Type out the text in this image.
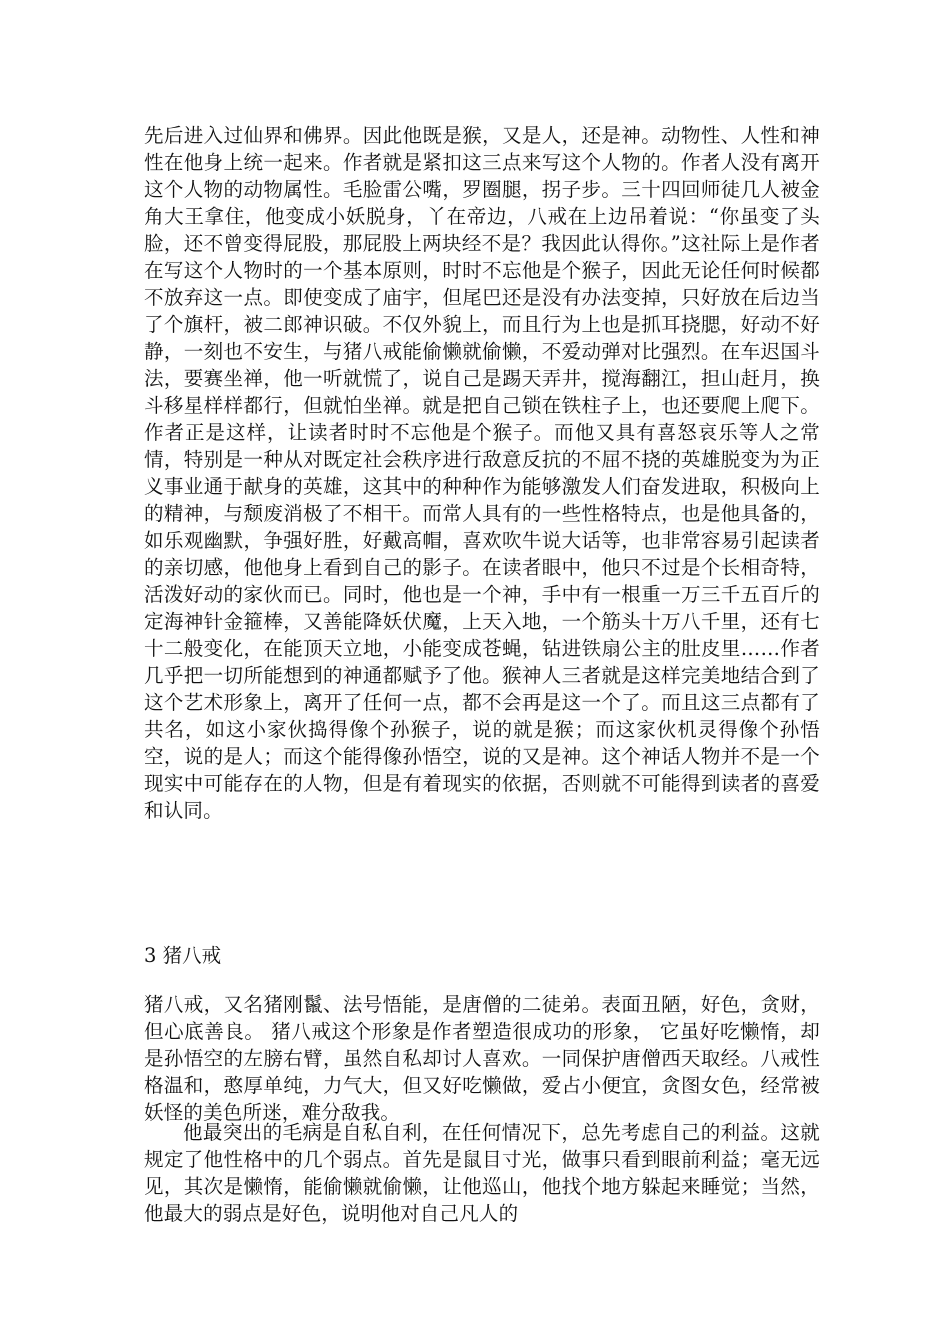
先后进入过仙界和佛界。因此他既是猴，又是人，还是神。动物性、人性和神性在他身上统一起来。作者就是紧扣这三点来写这个人物的。作者人没有离开这个人物的动物属性。毛脸雷公嘴，罗圈腿，拐子步。三十四回师徒几人被金角大王拿住，他变成小妖脱身，丫在帝边，八戒在上边吊着说：“你虽变了头脸，还不曾变得屁股，那屁股上两块经不是？我因此认得你。”这社际上是作者在写这个人物时的一个基本原则，时时不忘他是个猴子，因此无论任何时候都不放弃这一点。即使变成了庙宇，但尾巴还是没有办法变掉，只好放在后边当了个旗杆，被二郎神识破。不仅外貌上，而且行为上也是抓耳挠腮，好动不好静，一刻也不安生，与猪八戒能偷懒就偷懒，不爱动弹对比强烈。在车迟国斗法，要赛坐禅，他一听就慌了，说自己是踢天弄井，搅海翻江，担山赶月，换斗移星样样都行，但就怕坐禅。就是把自己锁在铁柱子上，也还要爬上爬下。作者正是这样，让读者时时不忘他是个猴子。而他又具有喜怒哀乐等人之常情，特别是一种从对既定社会秩序进行敌意反抗的不屈不挠的英雄脱变为为正义事业通于献身的英雄，这其中的种种作为能够激发人们奋发进取，积极向上的精神，与颓废消极了不相干。而常人具有的一些性格特点，也是他具备的，如乐观幽默，争强好胜，好戴高帽，喜欢吹牛说大话等，也非常容易引起读者的亲切感，他他身上看到自己的影子。在读者眼中，他只不过是个长相奇特，活泼好动的家伙而已。同时，他也是一个神，手中有一根重一万三千五百斤的定海神针金箍棒，又善能降妖伏魔，上天入地，一个筋头十万八千里，还有七十二般变化，在能顶天立地，小能变成苍蝇，钻进铁扇公主的肚皮里……作者几乎把一切所能想到的神通都赋予了他。猴神人三者就是这样完美地结合到了这个艺术形象上，离开了任何一点，都不会再是这一个了。而且这三点都有了共名，如这小家伙捣得像个孙猴子，说的就是猴；而这家伙机灵得像个孙悟空，说的是人；而这个能得像孙悟空，说的又是神。这个神话人物并不是一个现实中可能存在的人物，但是有着现实的依据，否则就不可能得到读者的喜爱和认同。
3 猪八戒
猪八戒，又名猪刚鬣、法号悟能，是唐僧的二徒弟。表面丑陋，好色，贪财，但心底善良。 猪八戒这个形象是作者塑造很成功的形象， 它虽好吃懒惰，却是孙悟空的左膀右臂，虽然自私却讨人喜欢。一同保护唐僧西天取经。八戒性格温和，憨厚单纯，力气大，但又好吃懒做，爱占小便宜，贪图女色，经常被妖怪的美色所迷，难分敌我。
他最突出的毛病是自私自利，在任何情况下，总先考虑自己的利益。这就规定了他性格中的几个弱点。首先是鼠目寸光，做事只看到眼前利益；毫无远见，其次是懒惰，能偷懒就偷懒，让他巡山，他找个地方躲起来睡觉；当然，他最大的弱点是好色，说明他对自己凡人的
